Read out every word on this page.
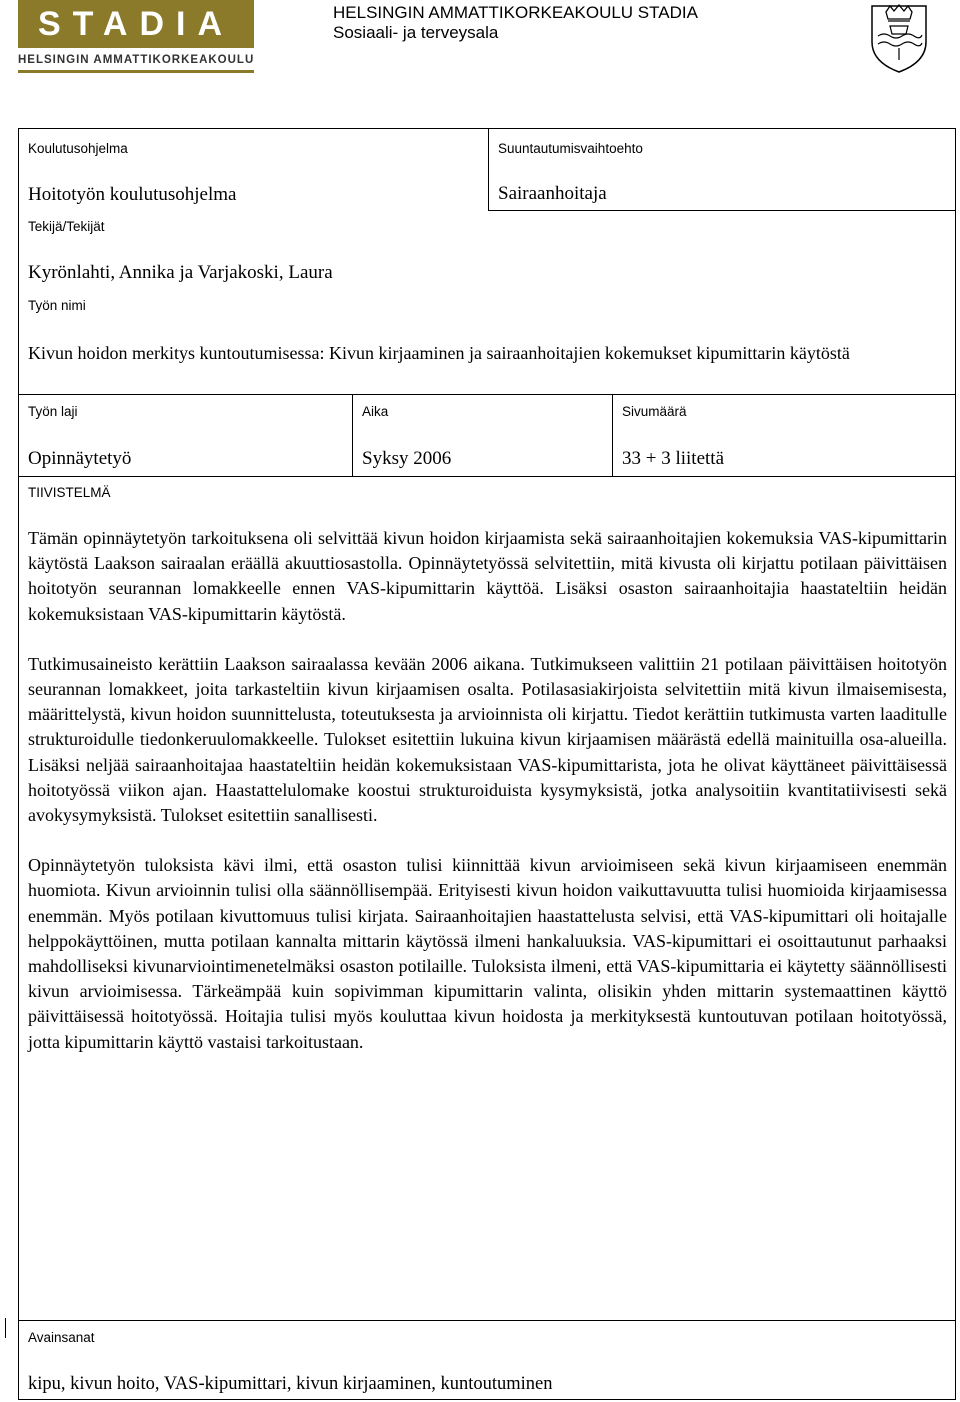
STADIA
HELSINGIN AMMATTIKORKEAKOULU
HELSINGIN AMMATTIKORKEAKOULU STADIA
Sosiaali- ja terveysala
Koulutusohjelma
Hoitotyön koulutusohjelma
Suuntautumisvaihtoehto
Sairaanhoitaja
Tekijä/Tekijät
Kyrönlahti, Annika ja Varjakoski, Laura
Työn nimi
Kivun hoidon merkitys kuntoutumisessa: Kivun kirjaaminen ja sairaanhoitajien kokemukset kipumittarin käytöstä
Työn laji
Opinnäytetyö
Aika
Syksy 2006
Sivumäärä
33 + 3 liitettä
TIIVISTELMÄ

Tämän opinnäytetyön tarkoituksena oli selvittää kivun hoidon kirjaamista sekä sairaanhoitajien kokemuksia VAS-kipumittarin käytöstä Laakson sairaalan eräällä akuuttiosastolla. Opinnäytetyössä selvitettiin, mitä kivusta oli kirjattu potilaan päivittäisen hoitotyön seurannan lomakkeelle ennen VAS-kipumittarin käyttöä. Lisäksi osaston sairaanhoitajia haastateltiin heidän kokemuksistaan VAS-kipumittarin käytöstä.

Tutkimusaineisto kerättiin Laakson sairaalassa kevään 2006 aikana. Tutkimukseen valittiin 21 potilaan päivittäisen hoitotyön seurannan lomakkeet, joita tarkasteltiin kivun kirjaamisen osalta. Potilasasiakirjoista selvitettiin mitä kivun ilmaisemisesta, määrittelystä, kivun hoidon suunnittelusta, toteutuksesta ja arvioinnista oli kirjattu. Tiedot kerättiin tutkimusta varten laaditulle strukturoidulle tiedonkeruulomakkeelle. Tulokset esitettiin lukuina kivun kirjaamisen määrästä edellä mainituilla osa-alueilla. Lisäksi neljää sairaanhoitajaa haastateltiin heidän kokemuksistaan VAS-kipumittarista, jota he olivat käyttäneet päivittäisessä hoitotyössä viikon ajan. Haastattelulomake koostui strukturoiduista kysymyksistä, jotka analysoitiin kvantitatiivisesti sekä avokysymyksistä. Tulokset esitettiin sanallisesti.

Opinnäytetyön tuloksista kävi ilmi, että osaston tulisi kiinnittää kivun arvioimiseen sekä kivun kirjaamiseen enemmän huomiota. Kivun arvioinnin tulisi olla säännöllisempää. Erityisesti kivun hoidon vaikuttavuutta tulisi huomioida kirjaamisessa enemmän. Myös potilaan kivuttomuus tulisi kirjata. Sairaanhoitajien haastattelusta selvisi, että VAS-kipumittari oli hoitajalle helppokäyttöinen, mutta potilaan kannalta mittarin käytössä ilmeni hankaluuksia. VAS-kipumittari ei osoittautunut parhaaksi mahdolliseksi kivunarviointimenetelmäksi osaston potilaille. Tuloksista ilmeni, että VAS-kipumittaria ei käytetty säännöllisesti kivun arvioimisessa. Tärkeämpää kuin sopivimman kipumittarin valinta, olisikin yhden mittarin systemaattinen käyttö päivittäisessä hoitotyössä. Hoitajia tulisi myös kouluttaa kivun hoidosta ja merkityksestä kuntoutuvan potilaan hoitotyössä, jotta kipumittarin käyttö vastaisi tarkoitustaan.

Avainsanat
kipu, kivun hoito, VAS-kipumittari, kivun kirjaaminen, kuntoutuminen
